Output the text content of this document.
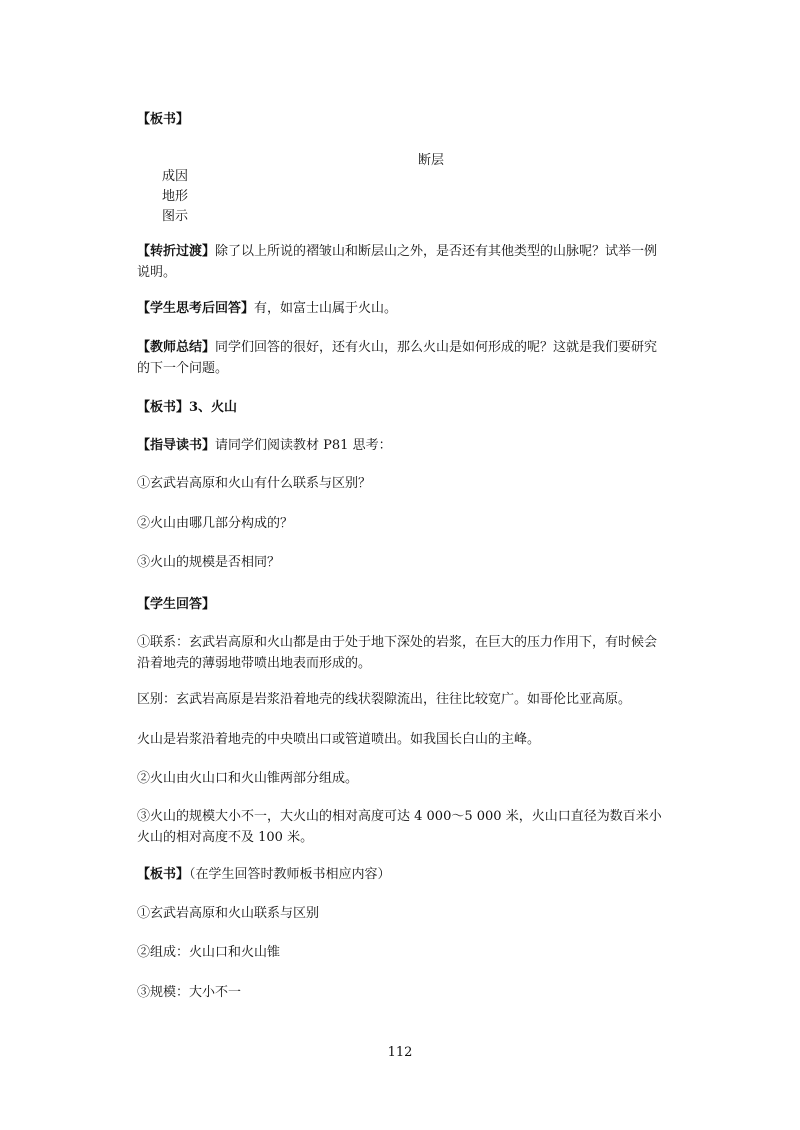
【板书】
断层
成因
地形
图示
【转折过渡】除了以上所说的褶皱山和断层山之外，是否还有其他类型的山脉呢？试举一例说明。
【学生思考后回答】有，如富士山属于火山。
【教师总结】同学们回答的很好，还有火山，那么火山是如何形成的呢？这就是我们要研究的下一个问题。
【板书】3、火山
【指导读书】请同学们阅读教材 P81 思考：
①玄武岩高原和火山有什么联系与区别？
②火山由哪几部分构成的？
③火山的规模是否相同？
【学生回答】
①联系：玄武岩高原和火山都是由于处于地下深处的岩浆，在巨大的压力作用下，有时候会沿着地壳的薄弱地带喷出地表而形成的。
区别：玄武岩高原是岩浆沿着地壳的线状裂隙流出，往往比较宽广。如哥伦比亚高原。
火山是岩浆沿着地壳的中央喷出口或管道喷出。如我国长白山的主峰。
②火山由火山口和火山锥两部分组成。
③火山的规模大小不一，大火山的相对高度可达 4 000～5 000 米，火山口直径为数百米小火山的相对高度不及 100 米。
【板书】（在学生回答时教师板书相应内容）
①玄武岩高原和火山联系与区别
②组成：火山口和火山锥
③规模：大小不一
112
